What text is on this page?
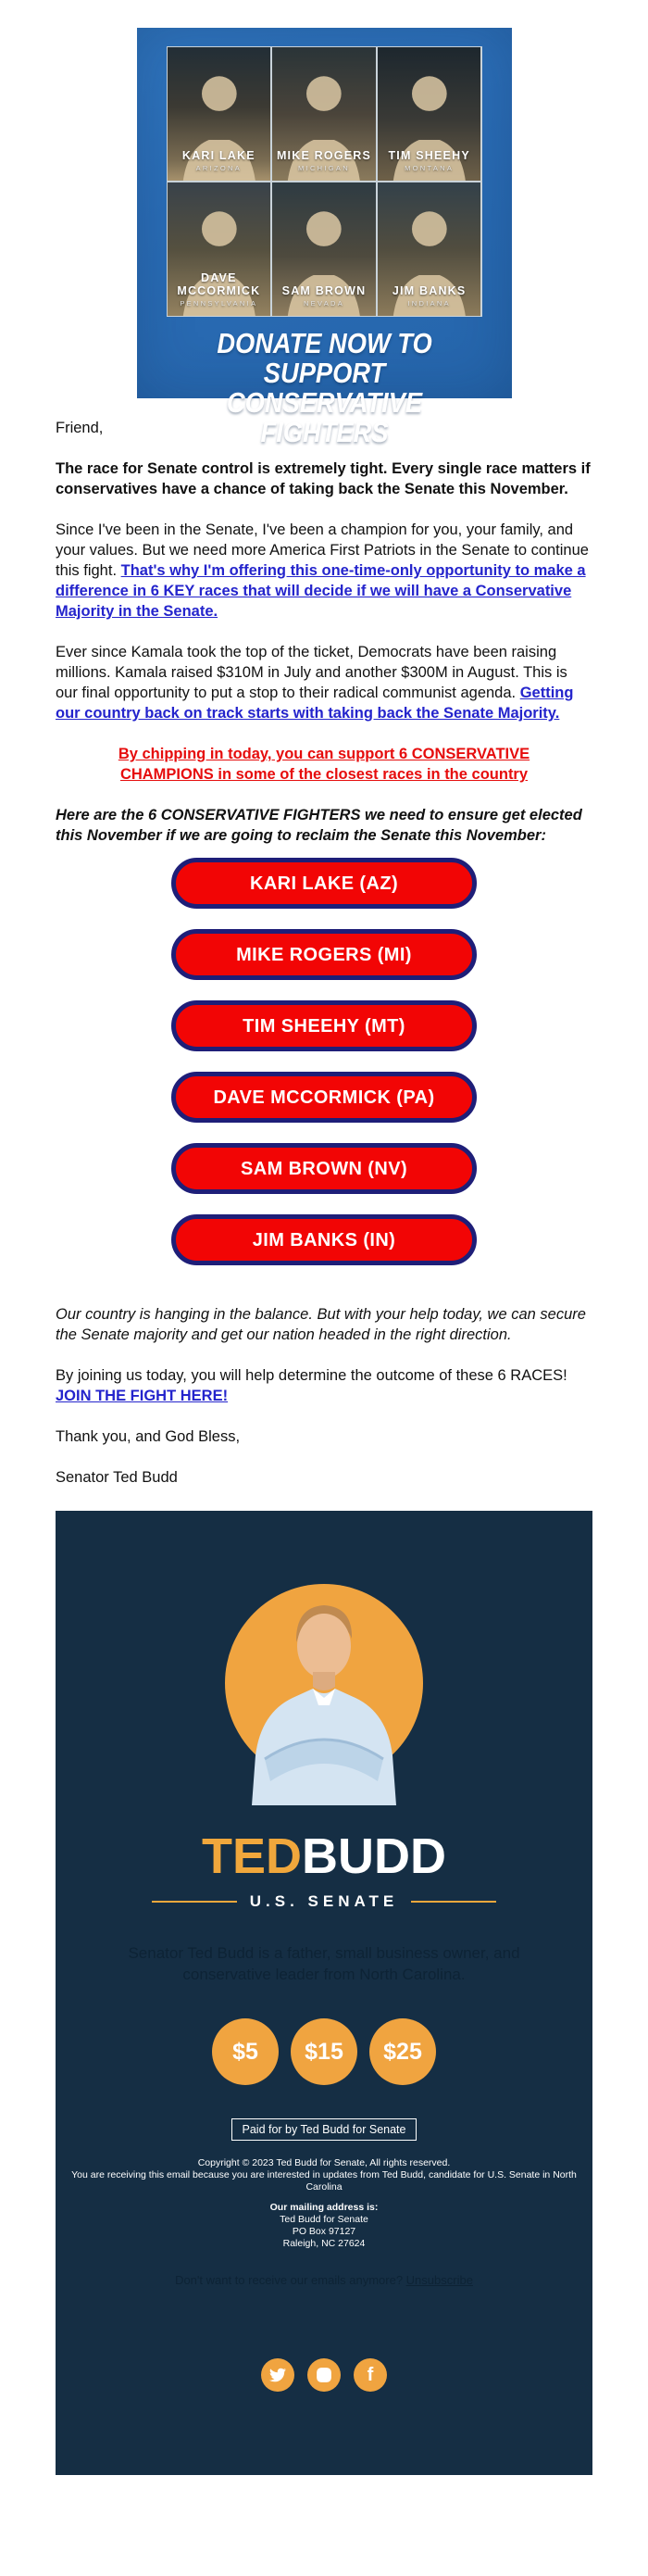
KARI LAKE
ARIZONA
MIKE ROGERS
MICHIGAN
TIM SHEEHY
MONTANA
DAVE MCCORMICK
PENNSYLVANIA
SAM BROWN
NEVADA
JIM BANKS
INDIANA
DONATE NOW TO SUPPORT
CONSERVATIVE FIGHTERS

Friend,

The race for Senate control is extremely tight. Every single race matters if conservatives have a chance of taking back the Senate this November.

Since I've been in the Senate, I've been a champion for you, your family, and your values. But we need more America First Patriots in the Senate to continue this fight. That's why I'm offering this one-time-only opportunity to make a difference in 6 KEY races that will decide if we will have a Conservative Majority in the Senate.

Ever since Kamala took the top of the ticket, Democrats have been raising millions. Kamala raised $310M in July and another $300M in August. This is our final opportunity to put a stop to their radical communist agenda. Getting our country back on track starts with taking back the Senate Majority.

By chipping in today, you can support 6 CONSERVATIVE CHAMPIONS in some of the closest races in the country

Here are the 6 CONSERVATIVE FIGHTERS we need to ensure get elected this November if we are going to reclaim the Senate this November:

KARI LAKE (AZ)
MIKE ROGERS (MI)
TIM SHEEHY (MT)
DAVE MCCORMICK (PA)
SAM BROWN (NV)
JIM BANKS (IN)

Our country is hanging in the balance. But with your help today, we can secure the Senate majority and get our nation headed in the right direction.

By joining us today, you will help determine the outcome of these 6 RACES! JOIN THE FIGHT HERE!

Thank you, and God Bless,

Senator Ted Budd

TEDBUDD
U.S. SENATE
Senator Ted Budd is a father, small business owner, and conservative leader from North Carolina.
$5	$15	$25
Paid for by Ted Budd for Senate
Copyright © 2023 Ted Budd for Senate, All rights reserved.
You are receiving this email because you are interested in updates from Ted Budd, candidate for U.S. Senate in North Carolina
Our mailing address is:
Ted Budd for Senate
PO Box 97127
Raleigh, NC 27624
Don't want to receive our emails anymore? Unsubscribe
f
